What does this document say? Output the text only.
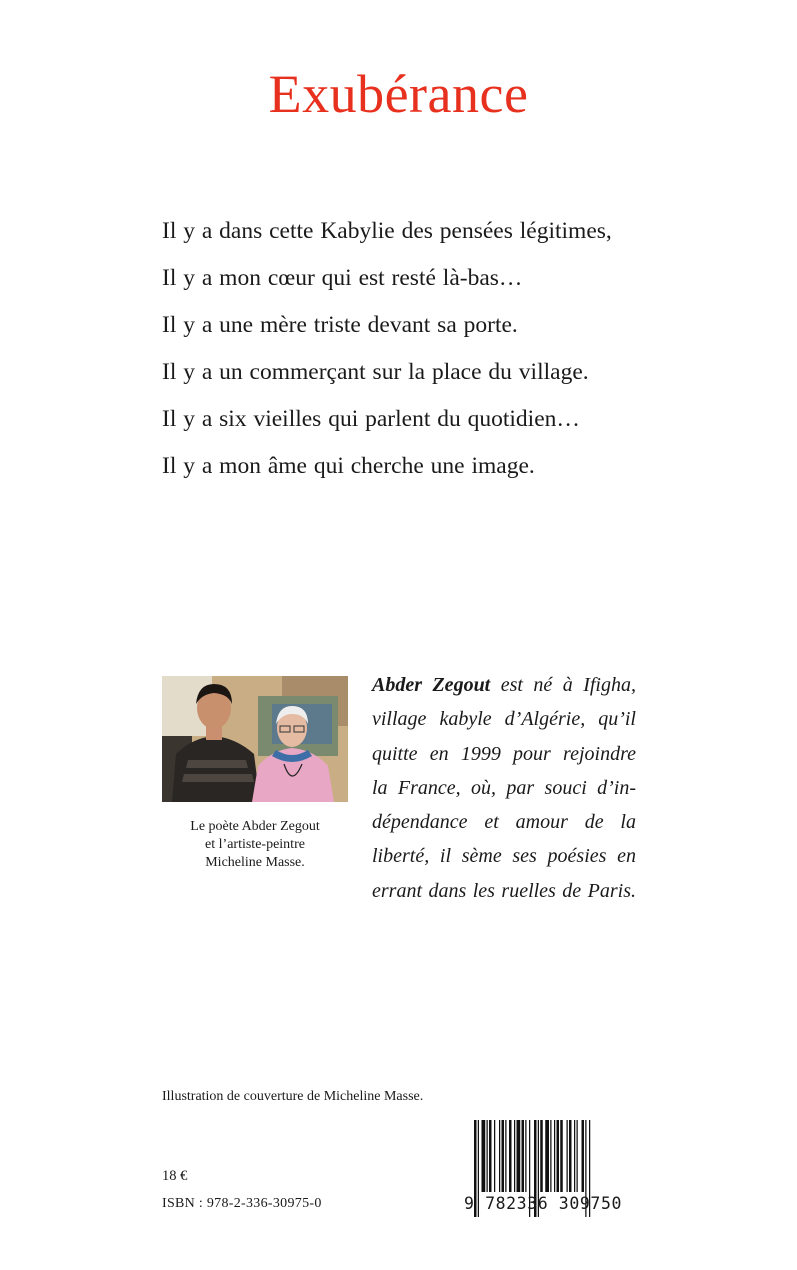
Exubérance
Il y a dans cette Kabylie des pensées légitimes,
Il y a mon cœur qui est resté là-bas…
Il y a une mère triste devant sa porte.
Il y a un commerçant sur la place du village.
Il y a six vieilles qui parlent du quotidien…
Il y a mon âme qui cherche une image.
Le poète Abder Zegout
et l’artiste-peintre
Micheline Masse.
Abder Zegout est né à Ifigha,
village kabyle d’Algérie, qu’il
quitte en 1999 pour rejoindre
la France, où, par souci d’in-
dépendance et amour de la
liberté, il sème ses poésies en
errant dans les ruelles de Paris.
Illustration de couverture de Micheline Masse.
18 €
ISBN : 978-2-336-30975-0	9 782336 309750
